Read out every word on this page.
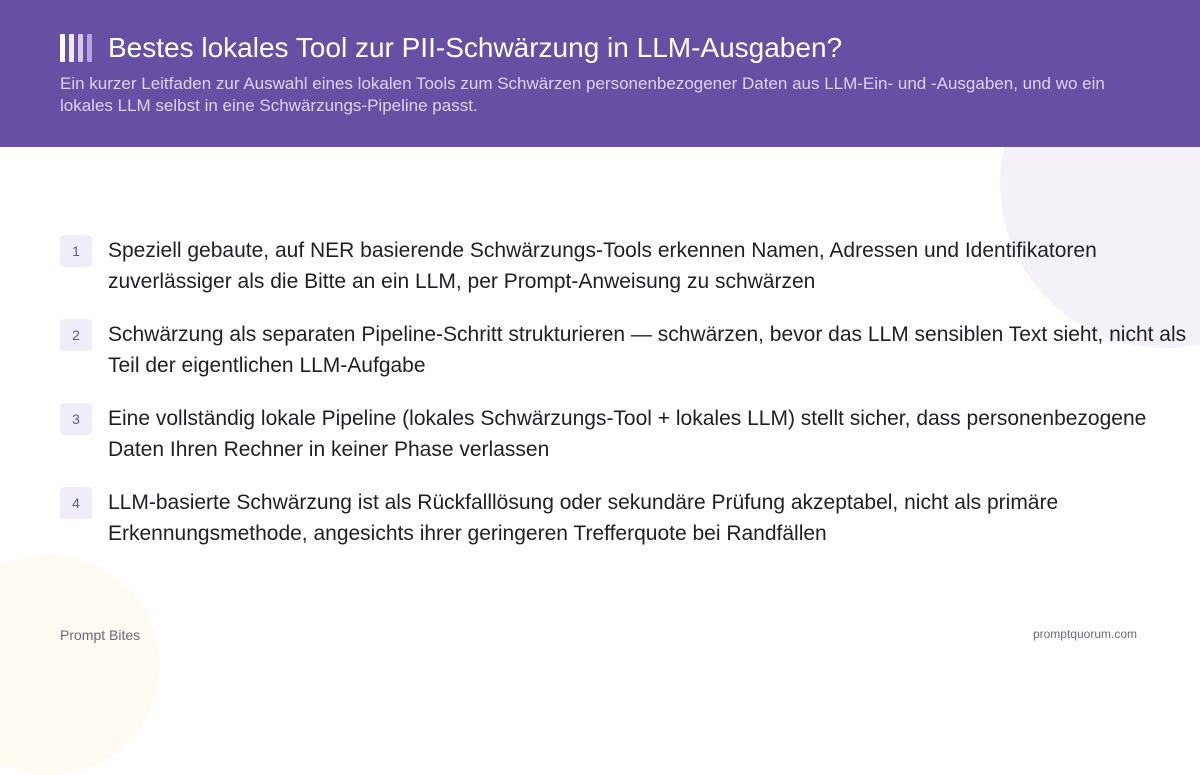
Bestes lokales Tool zur PII-Schwärzung in LLM-Ausgaben?

Ein kurzer Leitfaden zur Auswahl eines lokalen Tools zum Schwärzen personenbezogener Daten aus LLM-Ein- und -Ausgaben, und wo ein lokales LLM selbst in eine Schwärzungs-Pipeline passt.

1	Speziell gebaute, auf NER basierende Schwärzungs-Tools erkennen Namen, Adressen und Identifikatoren zuverlässiger als die Bitte an ein LLM, per Prompt-Anweisung zu schwärzen
2	Schwärzung als separaten Pipeline-Schritt strukturieren — schwärzen, bevor das LLM sensiblen Text sieht, nicht als Teil der eigentlichen LLM-Aufgabe
3	Eine vollständig lokale Pipeline (lokales Schwärzungs-Tool + lokales LLM) stellt sicher, dass personenbezogene Daten Ihren Rechner in keiner Phase verlassen
4	LLM-basierte Schwärzung ist als Rückfalllösung oder sekundäre Prüfung akzeptabel, nicht als primäre Erkennungsmethode, angesichts ihrer geringeren Trefferquote bei Randfällen
Prompt Bites	promptquorum.com
